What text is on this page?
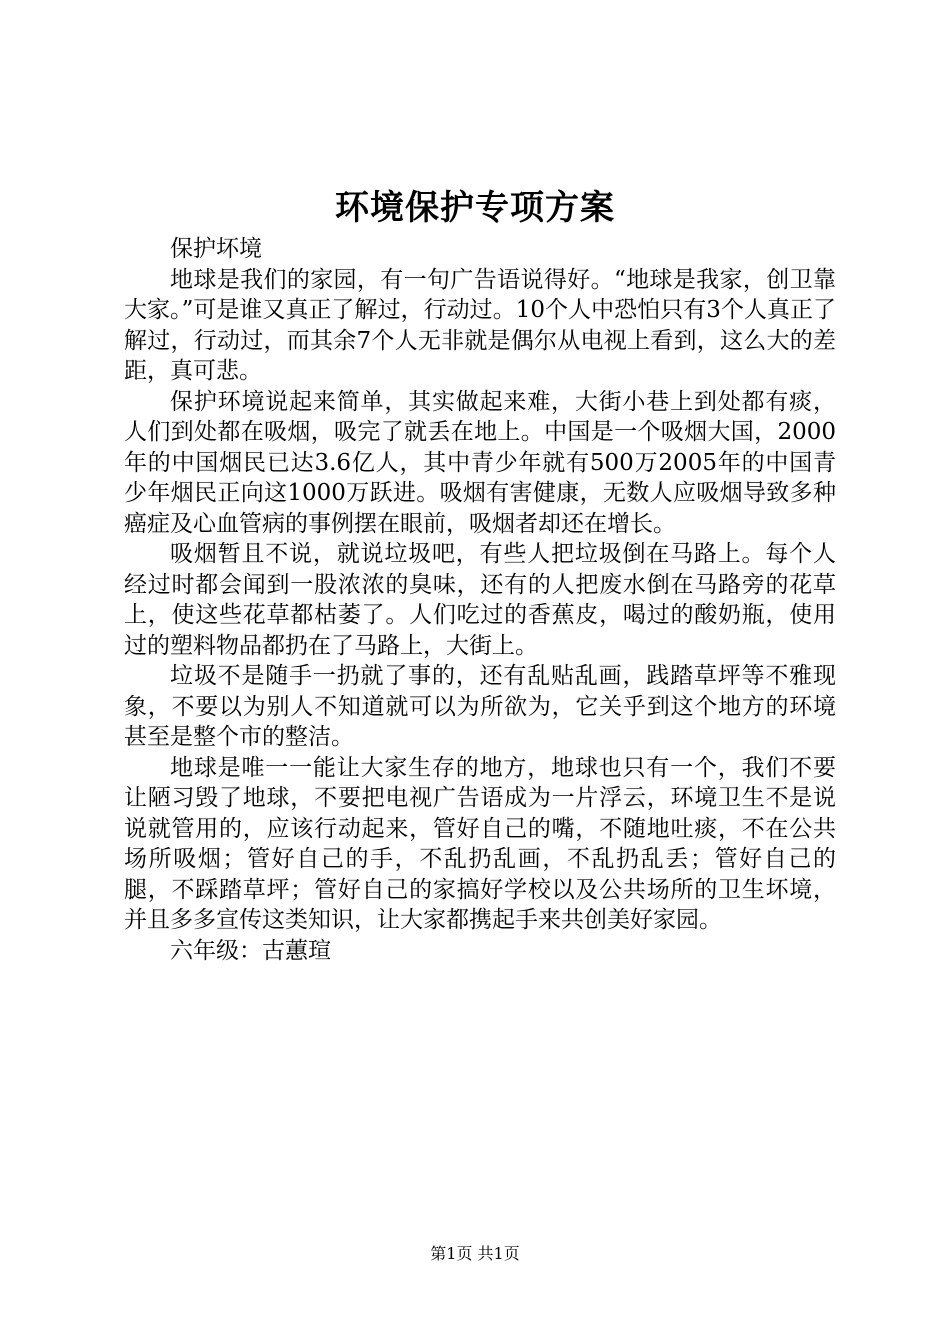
环境保护专项方案

保护坏境

地球是我们的家园，有一句广告语说得好。“地球是我家，创卫靠大家。”可是谁又真正了解过，行动过。10个人中恐怕只有3个人真正了解过，行动过，而其余7个人无非就是偶尔从电视上看到，这么大的差距，真可悲。

保护环境说起来简单，其实做起来难，大街小巷上到处都有痰，人们到处都在吸烟，吸完了就丢在地上。中国是一个吸烟大国，2000年的中国烟民已达3.6亿人，其中青少年就有500万2005年的中国青少年烟民正向这1000万跃进。吸烟有害健康，无数人应吸烟导致多种癌症及心血管病的事例摆在眼前，吸烟者却还在增长。

吸烟暂且不说，就说垃圾吧，有些人把垃圾倒在马路上。每个人经过时都会闻到一股浓浓的臭味，还有的人把废水倒在马路旁的花草上，使这些花草都枯萎了。人们吃过的香蕉皮，喝过的酸奶瓶，使用过的塑料物品都扔在了马路上，大街上。

垃圾不是随手一扔就了事的，还有乱贴乱画，践踏草坪等不雅现象，不要以为别人不知道就可以为所欲为，它关乎到这个地方的环境甚至是整个市的整洁。

地球是唯一一能让大家生存的地方，地球也只有一个，我们不要让陋习毁了地球，不要把电视广告语成为一片浮云，环境卫生不是说说就管用的，应该行动起来，管好自己的嘴，不随地吐痰，不在公共场所吸烟；管好自己的手，不乱扔乱画，不乱扔乱丢；管好自己的腿，不踩踏草坪；管好自己的家搞好学校以及公共场所的卫生坏境，并且多多宣传这类知识，让大家都携起手来共创美好家园。

六年级：古蕙瑄

第1页 共1页
